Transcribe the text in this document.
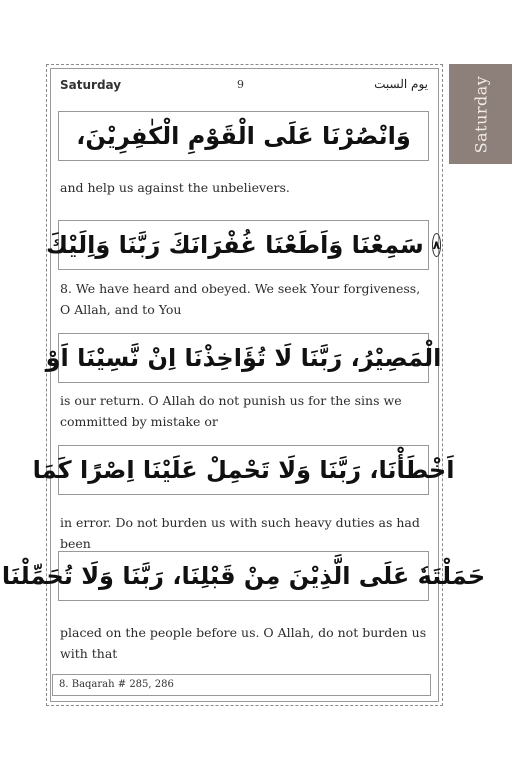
Saturday
Saturday	9	يوم السبت
وَانْصُرْنَا عَلَى الْقَوْمِ الْكٰفِرِيْنَ،
and help us against the unbelievers.
٨
سَمِعْنَا وَاَطَعْنَا غُفْرَانَكَ رَبَّنَا وَاِلَيْكَ
8. We have heard and obeyed. We seek Your forgiveness, O Allah, and to You
الْمَصِيْرُ، رَبَّنَا لَا تُؤَاخِذْنَا اِنْ نَّسِيْنَا اَوْ
is our return. O Allah do not punish us for the sins we committed by mistake or
اَخْطَأْنَا، رَبَّنَا وَلَا تَحْمِلْ عَلَيْنَا اِصْرًا كَمَا
in error. Do not burden us with such heavy duties as had been
حَمَلْتَهٗ عَلَى الَّذِيْنَ مِنْ قَبْلِنَا، رَبَّنَا وَلَا تُحَمِّلْنَا
placed on the people before us. O Allah, do not burden us with that
8. Baqarah # 285, 286
